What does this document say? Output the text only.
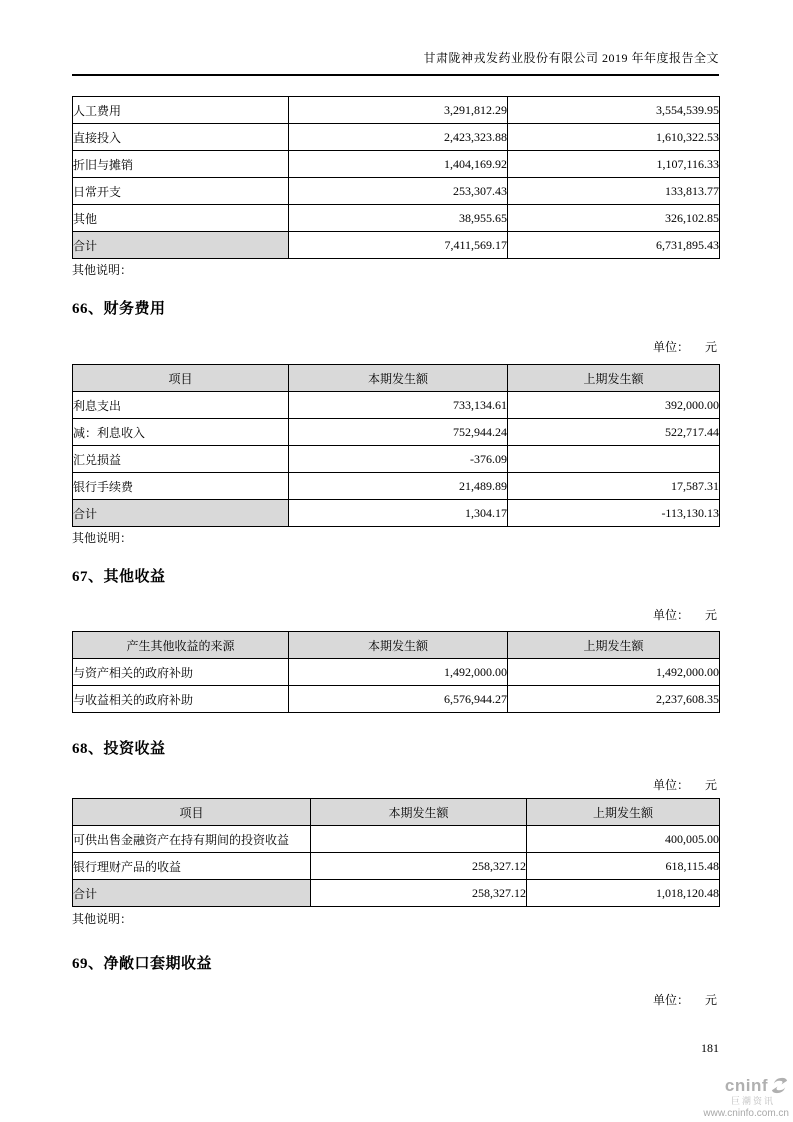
甘肃陇神戎发药业股份有限公司 2019 年年度报告全文
人工费用	3,291,812.29	3,554,539.95
直接投入	2,423,323.88	1,610,322.53
折旧与摊销	1,404,169.92	1,107,116.33
日常开支	253,307.43	133,813.77
其他	38,955.65	326,102.85
合计	7,411,569.17	6,731,895.43
其他说明：
66、财务费用
单位： 元
项目	本期发生额	上期发生额
利息支出	733,134.61	392,000.00
减：利息收入	752,944.24	522,717.44
汇兑损益	-376.09	
银行手续费	21,489.89	17,587.31
合计	1,304.17	-113,130.13
其他说明：
67、其他收益
单位： 元
产生其他收益的来源	本期发生额	上期发生额
与资产相关的政府补助	1,492,000.00	1,492,000.00
与收益相关的政府补助	6,576,944.27	2,237,608.35
68、投资收益
单位： 元
项目	本期发生额	上期发生额
可供出售金融资产在持有期间的投资收益		400,005.00
银行理财产品的收益	258,327.12	618,115.48
合计	258,327.12	1,018,120.48
其他说明：
69、净敞口套期收益
单位： 元
181
cninf
巨潮资讯
www.cninfo.com.cn
